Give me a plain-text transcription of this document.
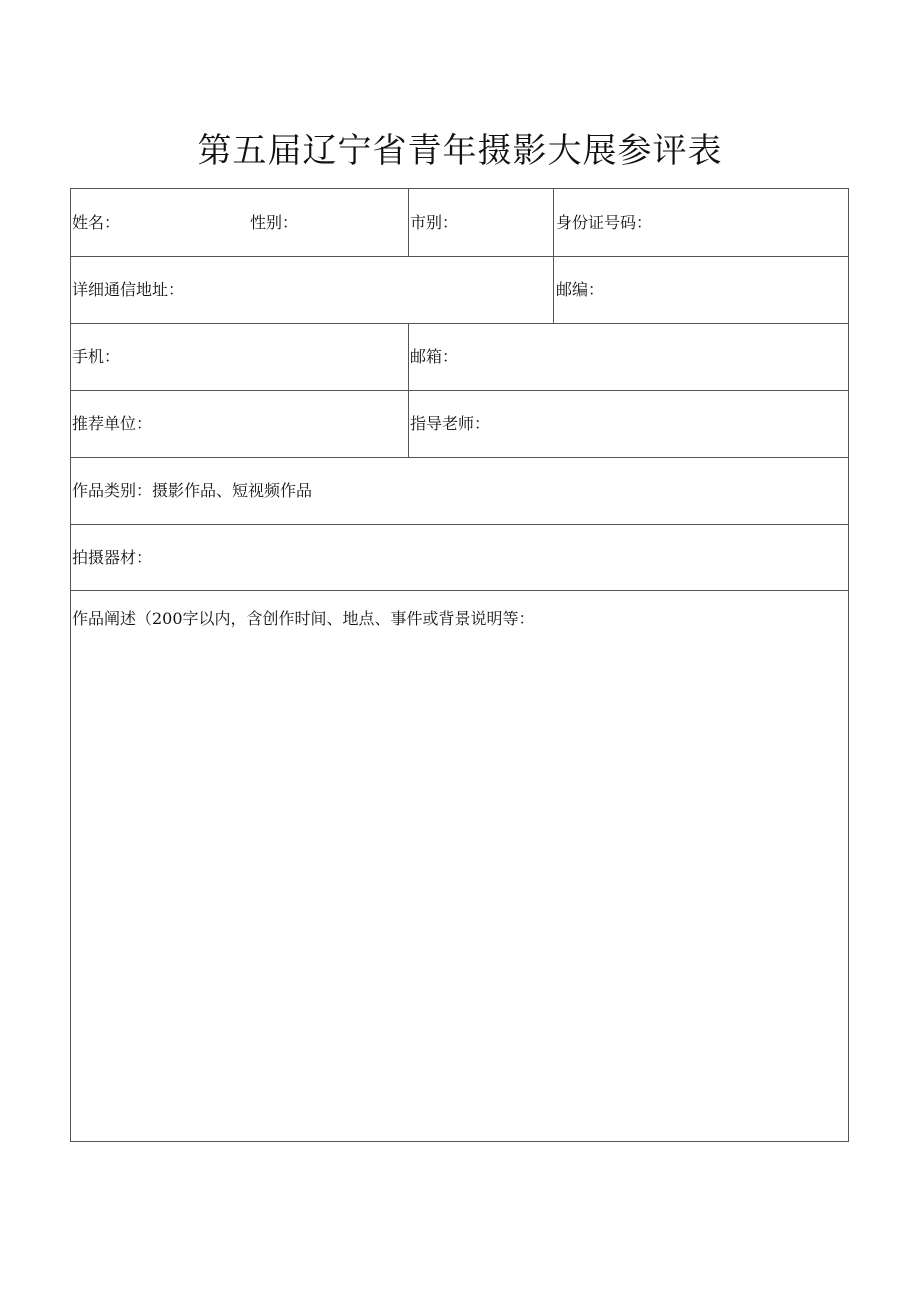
第五届辽宁省青年摄影大展参评表
姓名：	性别：	市别：	身份证号码：
详细通信地址：	邮编：
手机：	邮箱：
推荐单位：	指导老师：
作品类别：摄影作品、短视频作品
拍摄器材：
作品阐述（200字以内，含创作时间、地点、事件或背景说明等：
